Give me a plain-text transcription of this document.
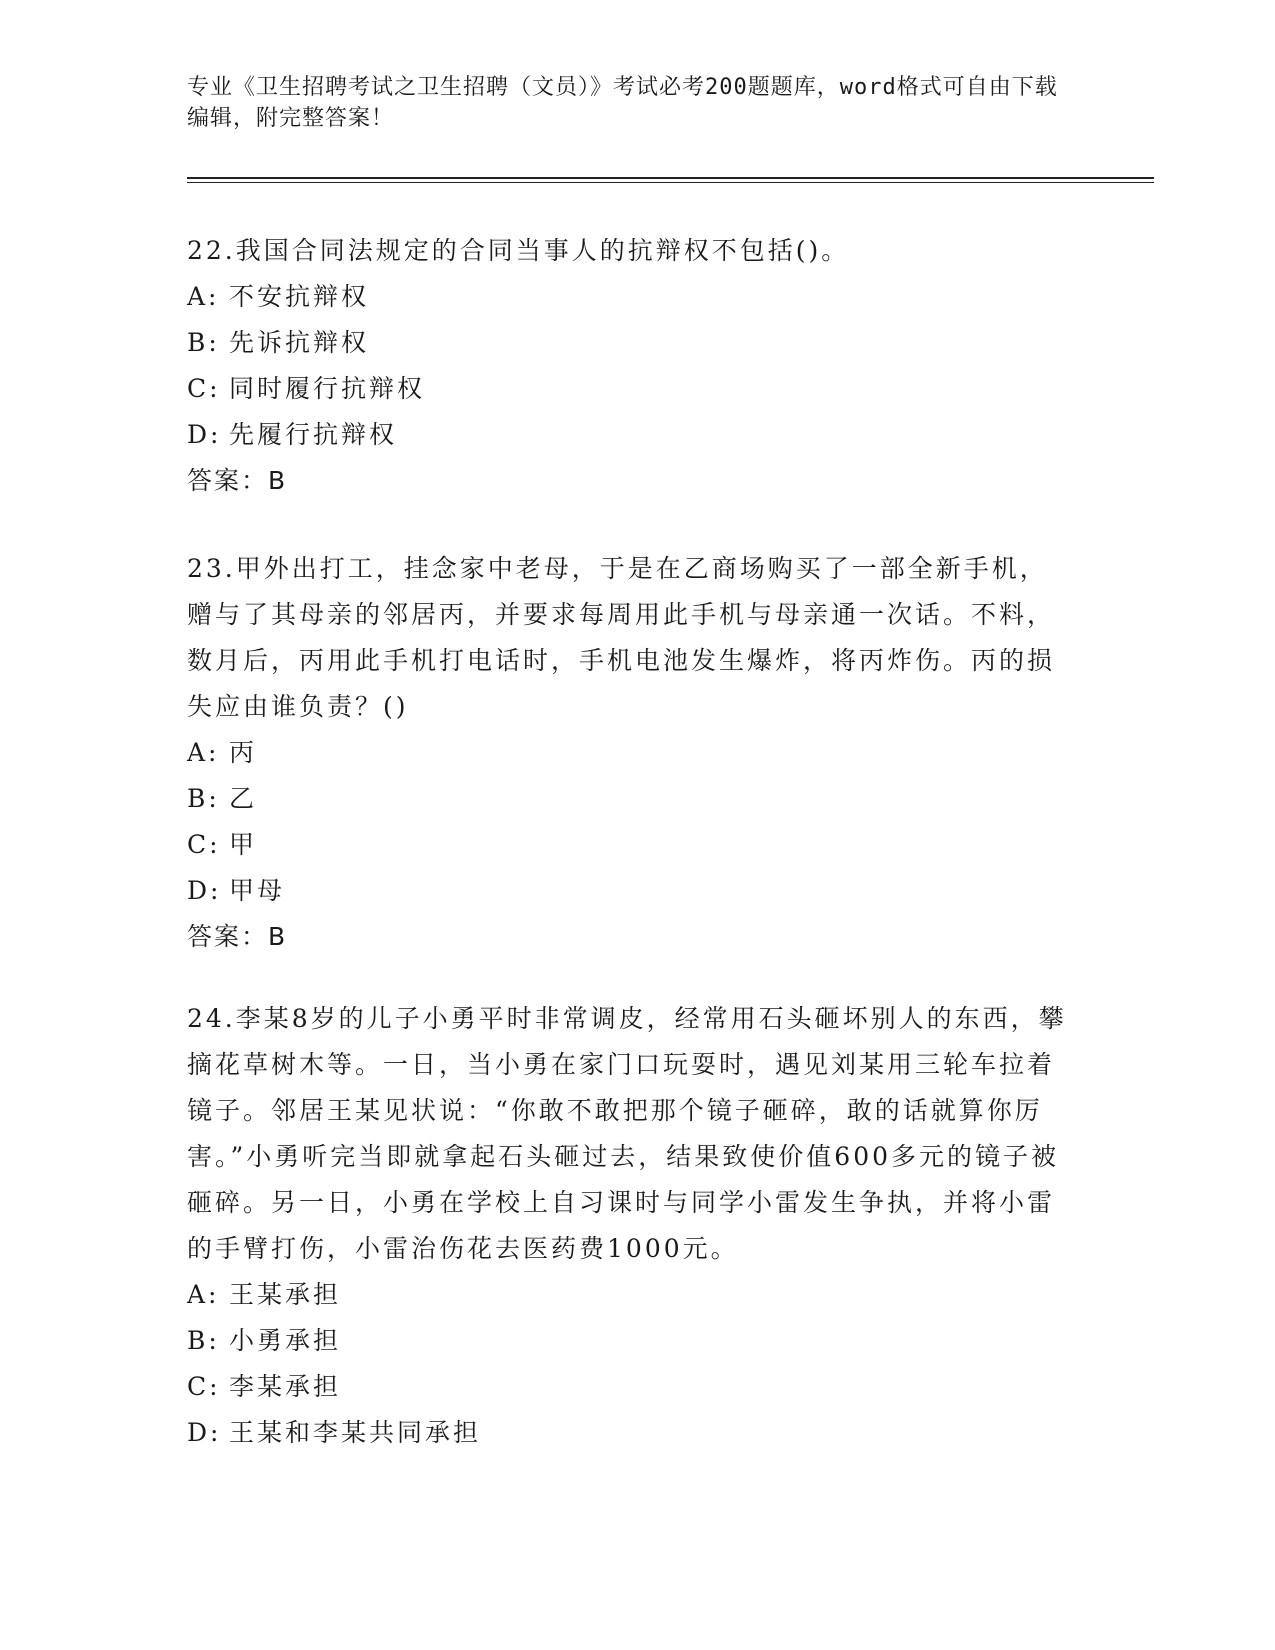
专业《卫生招聘考试之卫生招聘（文员）》考试必考200题题库，word格式可自由下载编辑，附完整答案！

22.我国合同法规定的合同当事人的抗辩权不包括()。

A: 不安抗辩权

B: 先诉抗辩权

C: 同时履行抗辩权

D: 先履行抗辩权

答案：B

23.甲外出打工，挂念家中老母，于是在乙商场购买了一部全新手机，赠与了其母亲的邻居丙，并要求每周用此手机与母亲通一次话。不料，数月后，丙用此手机打电话时，手机电池发生爆炸，将丙炸伤。丙的损失应由谁负责？()

A: 丙

B: 乙

C: 甲

D: 甲母

答案：B

24.李某8岁的儿子小勇平时非常调皮，经常用石头砸坏别人的东西，攀摘花草树木等。一日，当小勇在家门口玩耍时，遇见刘某用三轮车拉着镜子。邻居王某见状说：“你敢不敢把那个镜子砸碎，敢的话就算你厉害。”小勇听完当即就拿起石头砸过去，结果致使价值600多元的镜子被砸碎。另一日，小勇在学校上自习课时与同学小雷发生争执，并将小雷的手臂打伤，小雷治伤花去医药费1000元。

A: 王某承担

B: 小勇承担

C: 李某承担

D: 王某和李某共同承担
